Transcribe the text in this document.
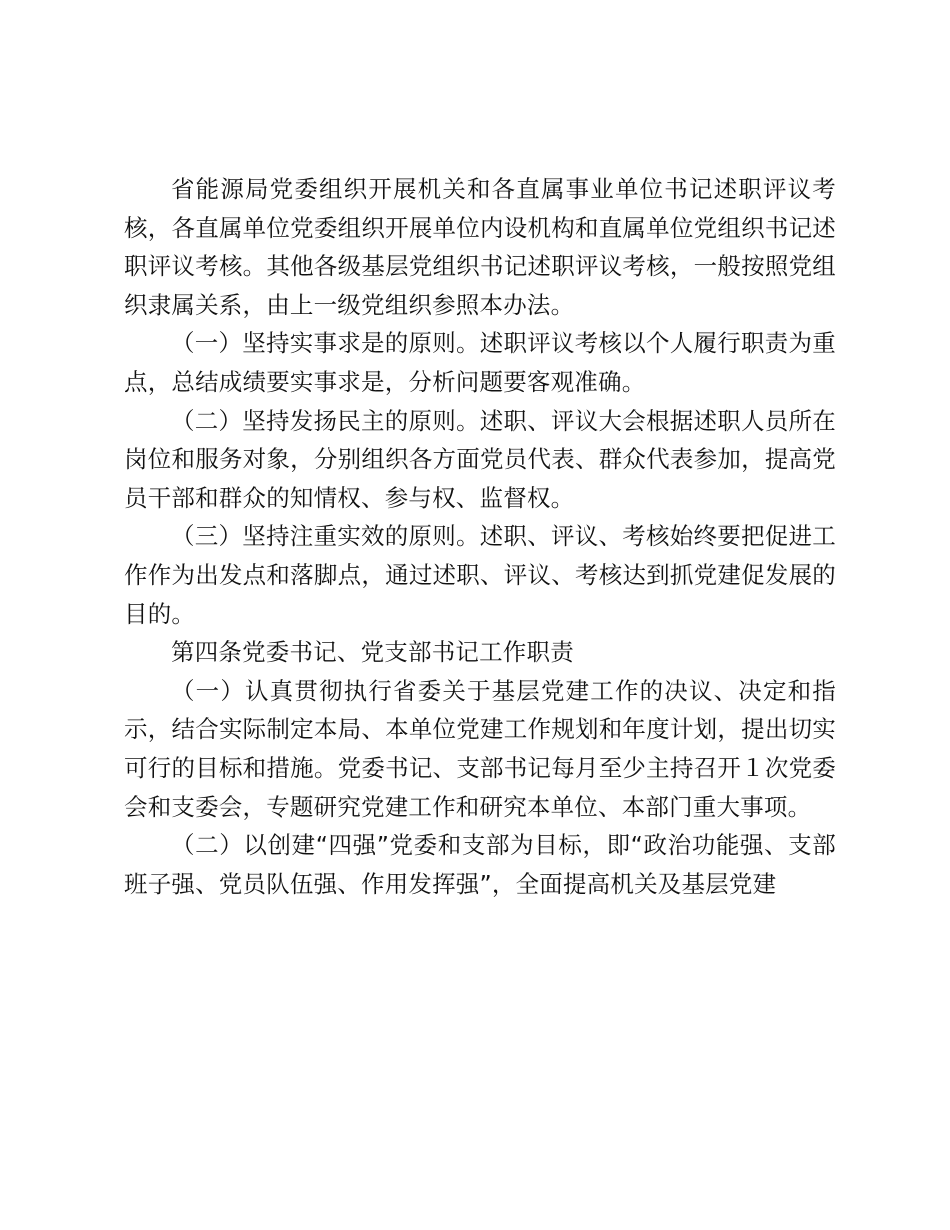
省能源局党委组织开展机关和各直属事业单位书记述职评议考核，各直属单位党委组织开展单位内设机构和直属单位党组织书记述职评议考核。其他各级基层党组织书记述职评议考核，一般按照党组织隶属关系，由上一级党组织参照本办法。

（一）坚持实事求是的原则。述职评议考核以个人履行职责为重点，总结成绩要实事求是，分析问题要客观准确。

（二）坚持发扬民主的原则。述职、评议大会根据述职人员所在岗位和服务对象，分别组织各方面党员代表、群众代表参加，提高党员干部和群众的知情权、参与权、监督权。

（三）坚持注重实效的原则。述职、评议、考核始终要把促进工作作为出发点和落脚点，通过述职、评议、考核达到抓党建促发展的目的。

第四条党委书记、党支部书记工作职责

（一）认真贯彻执行省委关于基层党建工作的决议、决定和指示，结合实际制定本局、本单位党建工作规划和年度计划，提出切实可行的目标和措施。党委书记、支部书记每月至少主持召开１次党委会和支委会，专题研究党建工作和研究本单位、本部门重大事项。

（二）以创建“四强”党委和支部为目标，即“政治功能强、支部班子强、党员队伍强、作用发挥强”，全面提高机关及基层党建
